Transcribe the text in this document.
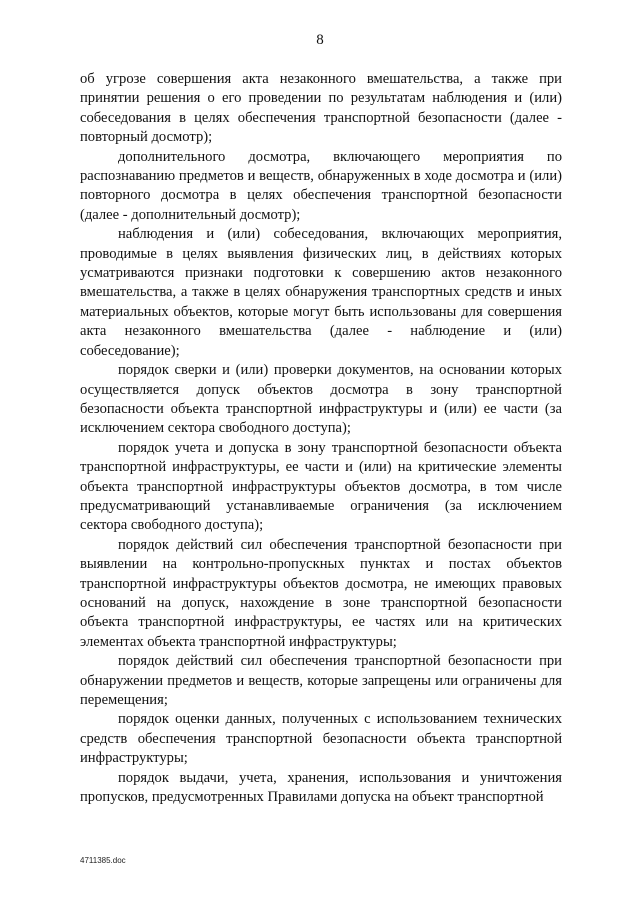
8

об угрозе совершения акта незаконного вмешательства, а также при принятии решения о его проведении по результатам наблюдения и (или) собеседования в целях обеспечения транспортной безопасности (далее - повторный досмотр);

дополнительного досмотра, включающего мероприятия по распознаванию предметов и веществ, обнаруженных в ходе досмотра и (или) повторного досмотра в целях обеспечения транспортной безопасности (далее - дополнительный досмотр);

наблюдения и (или) собеседования, включающих мероприятия, проводимые в целях выявления физических лиц, в действиях которых усматриваются признаки подготовки к совершению актов незаконного вмешательства, а также в целях обнаружения транспортных средств и иных материальных объектов, которые могут быть использованы для совершения акта незаконного вмешательства (далее - наблюдение и (или) собеседование);

порядок сверки и (или) проверки документов, на основании которых осуществляется допуск объектов досмотра в зону транспортной безопасности объекта транспортной инфраструктуры и (или) ее части (за исключением сектора свободного доступа);

порядок учета и допуска в зону транспортной безопасности объекта транспортной инфраструктуры, ее части и (или) на критические элементы объекта транспортной инфраструктуры объектов досмотра, в том числе предусматривающий устанавливаемые ограничения (за исключением сектора свободного доступа);

порядок действий сил обеспечения транспортной безопасности при выявлении на контрольно-пропускных пунктах и постах объектов транспортной инфраструктуры объектов досмотра, не имеющих правовых оснований на допуск, нахождение в зоне транспортной безопасности объекта транспортной инфраструктуры, ее частях или на критических элементах объекта транспортной инфраструктуры;

порядок действий сил обеспечения транспортной безопасности при обнаружении предметов и веществ, которые запрещены или ограничены для перемещения;

порядок оценки данных, полученных с использованием технических средств обеспечения транспортной безопасности объекта транспортной инфраструктуры;

порядок выдачи, учета, хранения, использования и уничтожения пропусков, предусмотренных Правилами допуска на объект транспортной

4711385.doc
